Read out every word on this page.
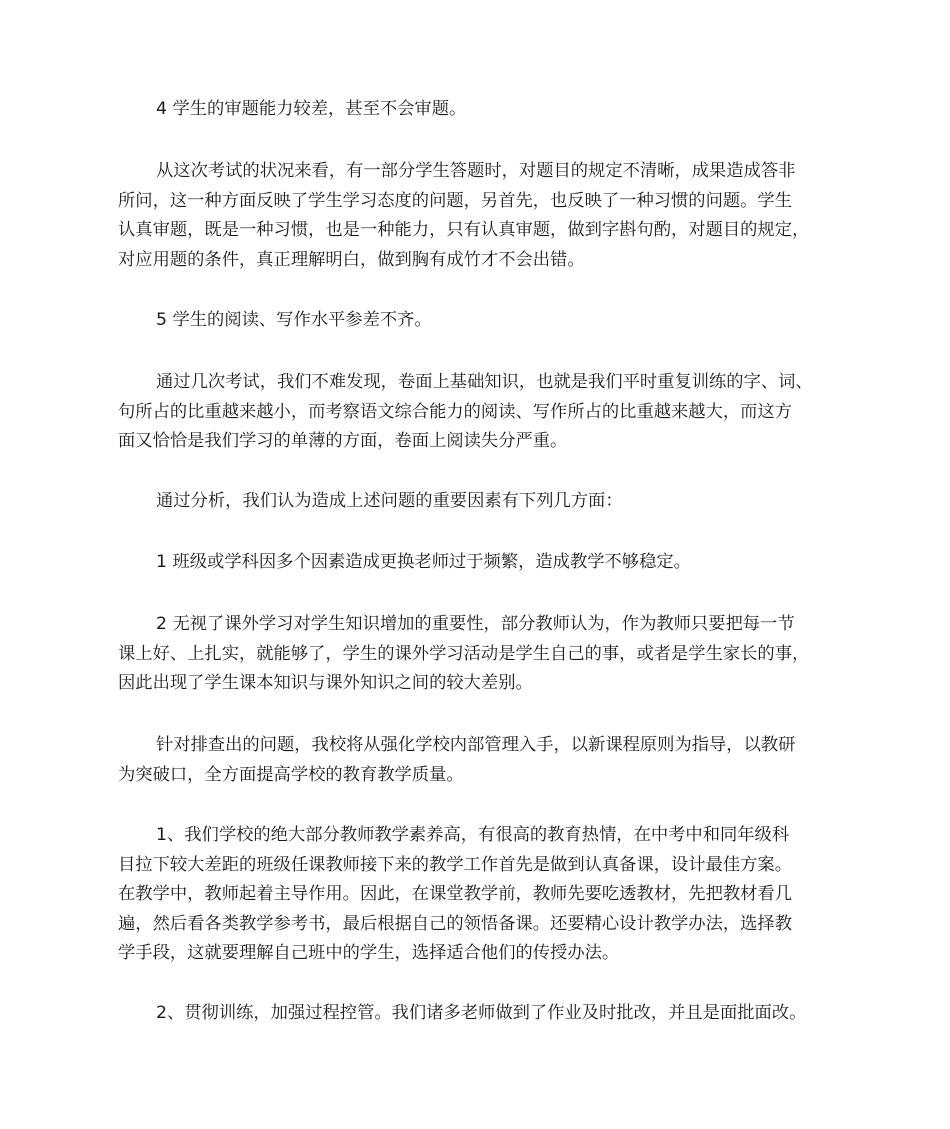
4 学生的审题能力较差，甚至不会审题。
从这次考试的状况来看，有一部分学生答题时，对题目的规定不清晰，成果造成答非
所问，这一种方面反映了学生学习态度的问题，另首先，也反映了一种习惯的问题。学生
认真审题，既是一种习惯，也是一种能力，只有认真审题，做到字斟句酌，对题目的规定，
对应用题的条件，真正理解明白，做到胸有成竹才不会出错。
5 学生的阅读、写作水平参差不齐。
通过几次考试，我们不难发现，卷面上基础知识，也就是我们平时重复训练的字、词、
句所占的比重越来越小，而考察语文综合能力的阅读、写作所占的比重越来越大，而这方
面又恰恰是我们学习的单薄的方面，卷面上阅读失分严重。
通过分析，我们认为造成上述问题的重要因素有下列几方面：
1 班级或学科因多个因素造成更换老师过于频繁，造成教学不够稳定。
2 无视了课外学习对学生知识增加的重要性，部分教师认为，作为教师只要把每一节
课上好、上扎实，就能够了，学生的课外学习活动是学生自己的事，或者是学生家长的事，
因此出现了学生课本知识与课外知识之间的较大差别。
针对排查出的问题，我校将从强化学校内部管理入手，以新课程原则为指导，以教研
为突破口，全方面提高学校的教育教学质量。
1、我们学校的绝大部分教师教学素养高，有很高的教育热情，在中考中和同年级科
目拉下较大差距的班级任课教师接下来的教学工作首先是做到认真备课，设计最佳方案。
在教学中，教师起着主导作用。因此，在课堂教学前，教师先要吃透教材，先把教材看几
遍，然后看各类教学参考书，最后根据自己的领悟备课。还要精心设计教学办法，选择教
学手段，这就要理解自己班中的学生，选择适合他们的传授办法。
2、贯彻训练，加强过程控管。我们诸多老师做到了作业及时批改，并且是面批面改。
